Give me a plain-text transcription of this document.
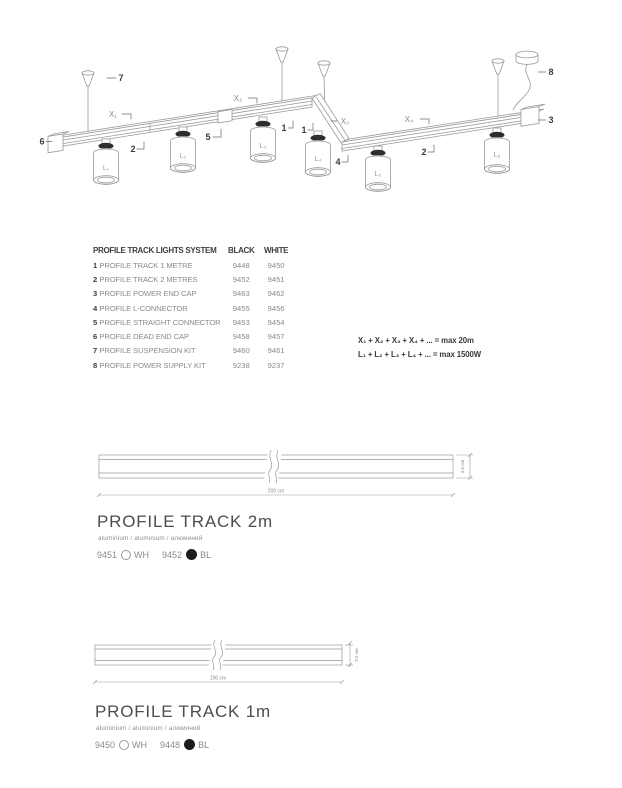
6
7
2
5
1 1
4
2
3
8
X₁
X₂
X₃	X₄
L₁
L₂
L₃
L₄
L₅
L₆
PROFILE TRACK LIGHTS SYSTEM	BLACK	WHITE
1 PROFILE TRACK 1 METRE	9448	9450
2 PROFILE TRACK 2 METRES	9452	9451
3 PROFILE POWER END CAP	9463	9462
4 PROFILE L-CONNECTOR	9455	9456
5 PROFILE STRAIGHT CONNECTOR	9453	9454
6 PROFILE DEAD END CAP	9458	9457
7 PROFILE SUSPENSION KIT	9460	9461
8 PROFILE POWER SUPPLY KIT	9238	9237
X₁ + X₂ + X₃ + X₄ + ... = max 20m
L₁ + L₂ + L₃ + L₄ + ... = max 1500W
200 cm
3.5 cm
PROFILE TRACK 2m
aluminium / aluminium / алюминий
9451 WH 9452 BL
100 cm
3.5 cm
PROFILE TRACK 1m
aluminium / aluminium / алюминий
9450 WH 9448 BL
